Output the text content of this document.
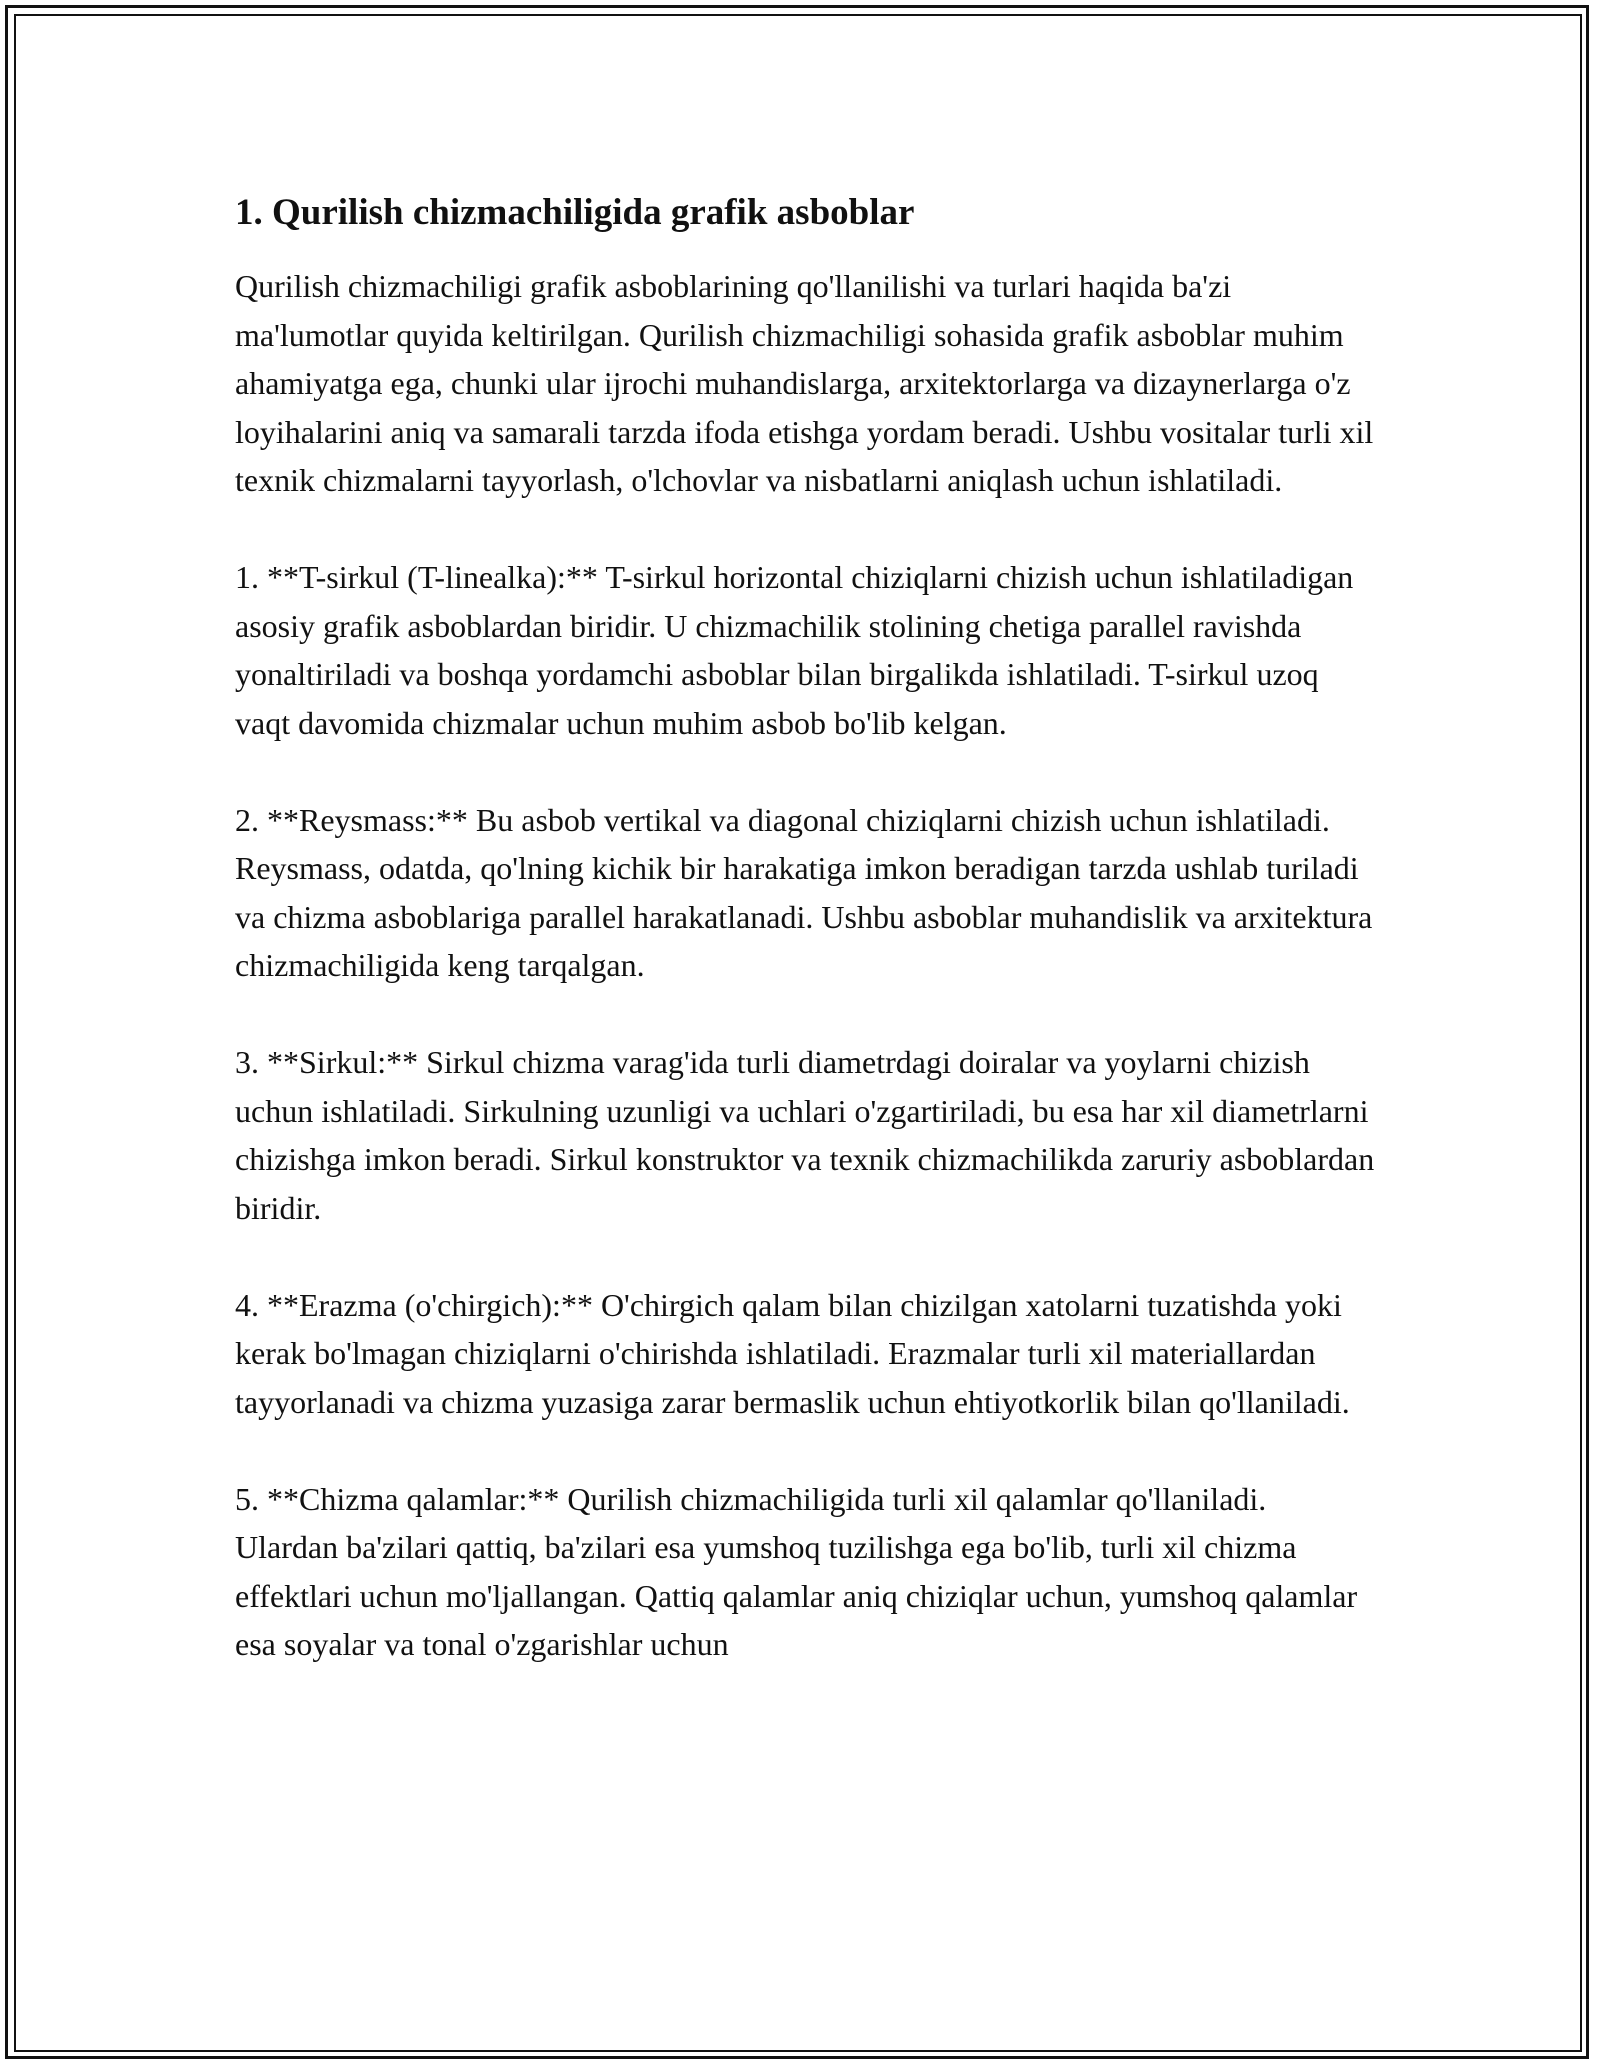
1. Qurilish chizmachiligida grafik asboblar

Qurilish chizmachiligi grafik asboblarining qo'llanilishi va turlari haqida ba'zi ma'lumotlar quyida keltirilgan. Qurilish chizmachiligi sohasida grafik asboblar muhim ahamiyatga ega, chunki ular ijrochi muhandislarga, arxitektorlarga va dizaynerlarga o'z loyihalarini aniq va samarali tarzda ifoda etishga yordam beradi. Ushbu vositalar turli xil texnik chizmalarni tayyorlash, o'lchovlar va nisbatlarni aniqlash uchun ishlatiladi.

1. **T-sirkul (T-linealka):** T-sirkul horizontal chiziqlarni chizish uchun ishlatiladigan asosiy grafik asboblardan biridir. U chizmachilik stolining chetiga parallel ravishda yonaltiriladi va boshqa yordamchi asboblar bilan birgalikda ishlatiladi. T-sirkul uzoq vaqt davomida chizmalar uchun muhim asbob bo'lib kelgan.

2. **Reysmass:** Bu asbob vertikal va diagonal chiziqlarni chizish uchun ishlatiladi. Reysmass, odatda, qo'lning kichik bir harakatiga imkon beradigan tarzda ushlab turiladi va chizma asboblariga parallel harakatlanadi. Ushbu asboblar muhandislik va arxitektura chizmachiligida keng tarqalgan.

3. **Sirkul:** Sirkul chizma varag'ida turli diametrdagi doiralar va yoylarni chizish uchun ishlatiladi. Sirkulning uzunligi va uchlari o'zgartiriladi, bu esa har xil diametrlarni chizishga imkon beradi. Sirkul konstruktor va texnik chizmachilikda zaruriy asboblardan biridir.

4. **Erazma (o'chirgich):** O'chirgich qalam bilan chizilgan xatolarni tuzatishda yoki kerak bo'lmagan chiziqlarni o'chirishda ishlatiladi. Erazmalar turli xil materiallardan tayyorlanadi va chizma yuzasiga zarar bermaslik uchun ehtiyotkorlik bilan qo'llaniladi.

5. **Chizma qalamlar:** Qurilish chizmachiligida turli xil qalamlar qo'llaniladi. Ulardan ba'zilari qattiq, ba'zilari esa yumshoq tuzilishga ega bo'lib, turli xil chizma effektlari uchun mo'ljallangan. Qattiq qalamlar aniq chiziqlar uchun, yumshoq qalamlar esa soyalar va tonal o'zgarishlar uchun
